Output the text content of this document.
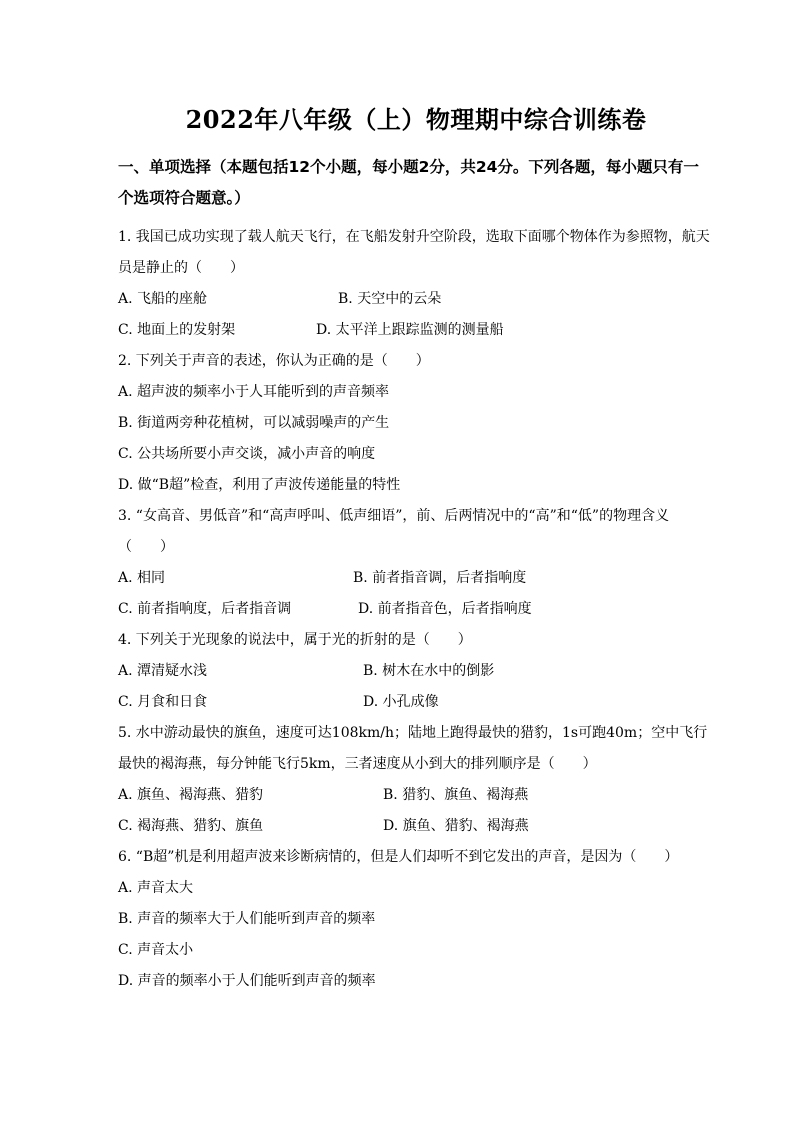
2022年八年级（上）物理期中综合训练卷
一、单项选择（本题包括12个小题，每小题2分，共24分。下列各题，每小题只有一个选项符合题意。）

1. 我国已成功实现了载人航天飞行，在飞船发射升空阶段，选取下面哪个物体作为参照物，航天员是静止的（　　）

A. 飞船的座舱	B. 天空中的云朵
C. 地面上的发射架	D. 太平洋上跟踪监测的测量船

2. 下列关于声音的表述，你认为正确的是（　　）

A. 超声波的频率小于人耳能听到的声音频率

B. 街道两旁种花植树，可以减弱噪声的产生

C. 公共场所要小声交谈，减小声音的响度

D. 做“B超”检查，利用了声波传递能量的特性

3. “女高音、男低音”和“高声呼叫、低声细语”，前、后两情况中的“高”和“低”的物理含义（　　）

A. 相同	B. 前者指音调，后者指响度
C. 前者指响度，后者指音调	D. 前者指音色，后者指响度

4. 下列关于光现象的说法中，属于光的折射的是（　　）

A. 潭清疑水浅	B. 树木在水中的倒影
C. 月食和日食	D. 小孔成像

5. 水中游动最快的旗鱼，速度可达108km/h；陆地上跑得最快的猎豹，1s可跑40m；空中飞行最快的褐海燕，每分钟能飞行5km，三者速度从小到大的排列顺序是（　　）

A. 旗鱼、褐海燕、猎豹	B. 猎豹、旗鱼、褐海燕
C. 褐海燕、猎豹、旗鱼	D. 旗鱼、猎豹、褐海燕

6. “B超”机是利用超声波来诊断病情的，但是人们却听不到它发出的声音，是因为（　　）

A. 声音太大

B. 声音的频率大于人们能听到声音的频率

C. 声音太小

D. 声音的频率小于人们能听到声音的频率
